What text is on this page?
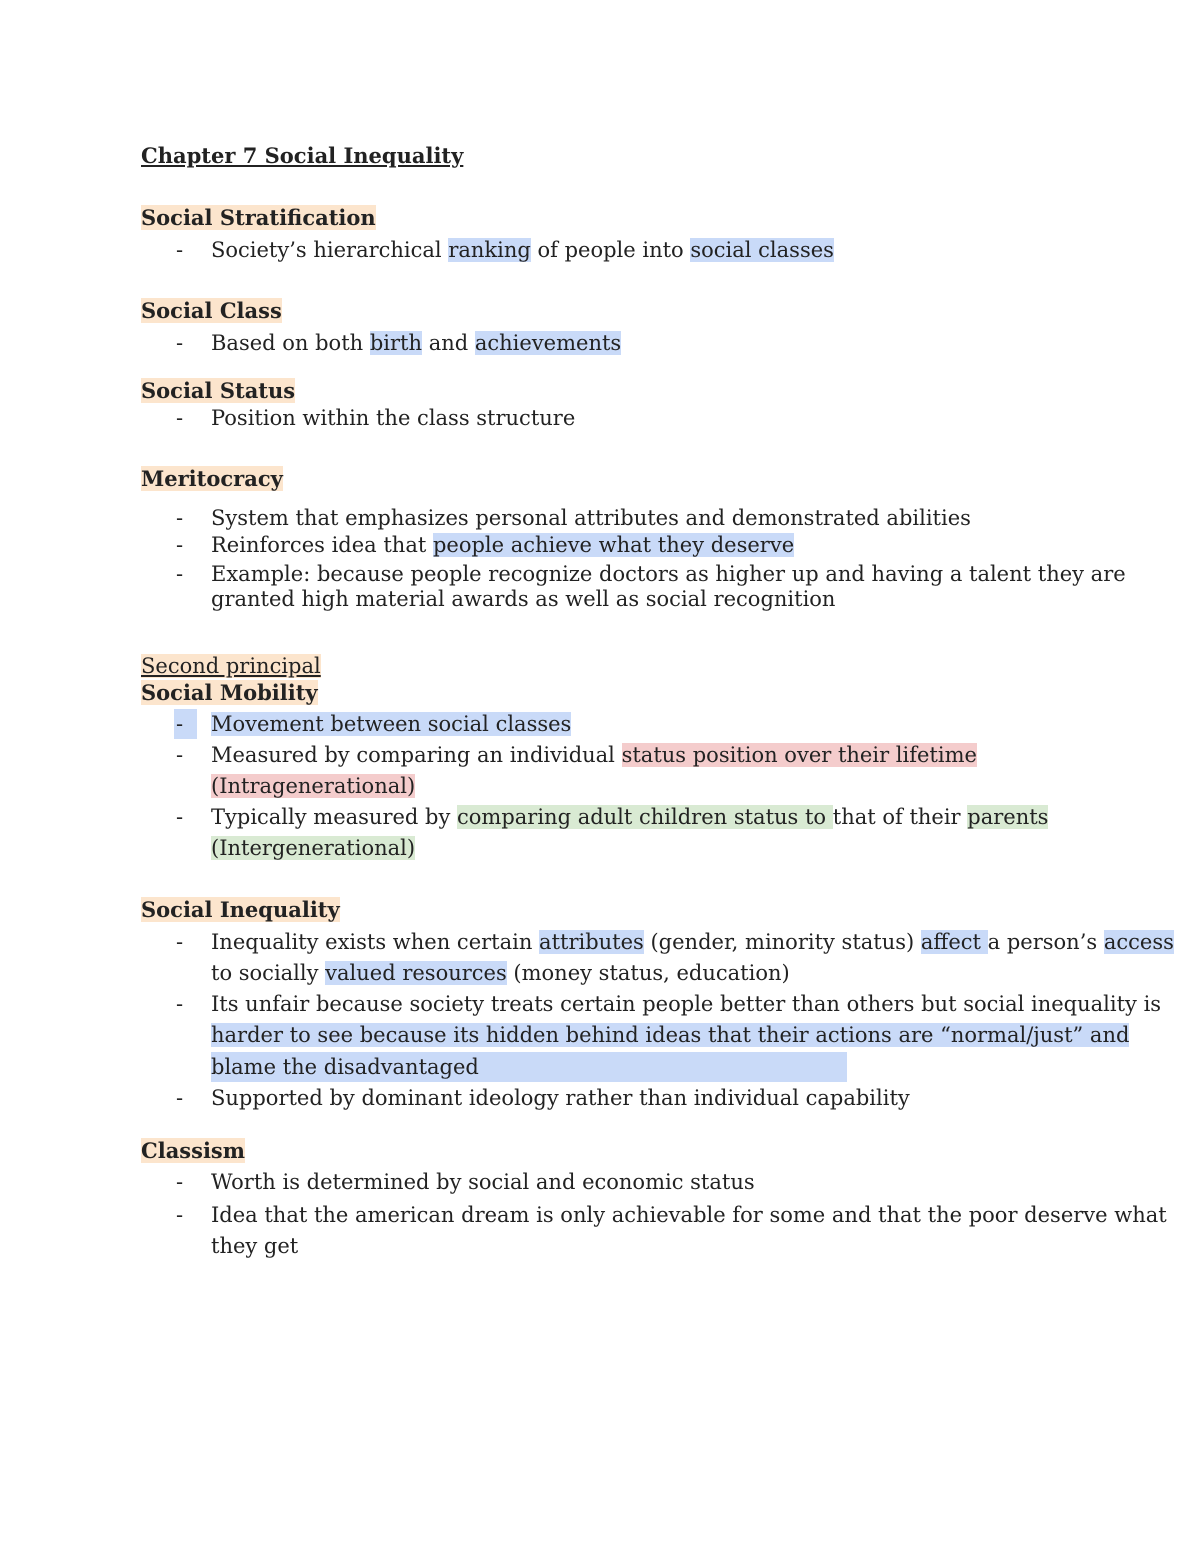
Chapter 7 Social Inequality
Social Stratification
- Society’s hierarchical ranking of people into social classes
Social Class
- Based on both birth and achievements
Social Status
- Position within the class structure
Meritocracy
- System that emphasizes personal attributes and demonstrated abilities
- Reinforces idea that people achieve what they deserve
- Example: because people recognize doctors as higher up and having a talent they are
granted high material awards as well as social recognition
Second principal
Social Mobility
-	Movement between social classes
- Measured by comparing an individual status position over their lifetime
(Intragenerational)
- Typically measured by comparing adult children status to that of their parents
(Intergenerational)
Social Inequality
- Inequality exists when certain attributes (gender, minority status) affect a person’s access
to socially valued resources (money status, education)
- Its unfair because society treats certain people better than others but social inequality is
harder to see because its hidden behind ideas that their actions are “normal/just” and
blame the disadvantaged
- Supported by dominant ideology rather than individual capability
Classism
- Worth is determined by social and economic status
- Idea that the american dream is only achievable for some and that the poor deserve what
they get
